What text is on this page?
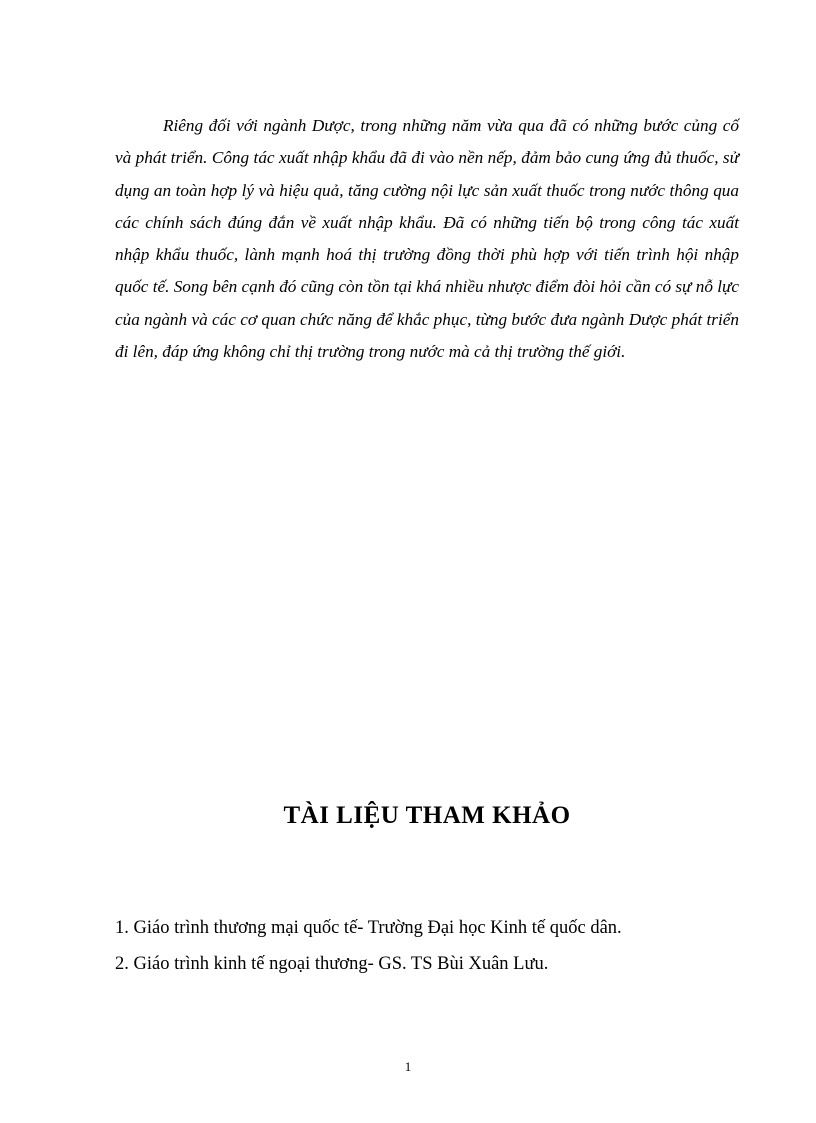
Riêng đối với ngành Dược, trong những năm vừa qua đã có những bước củng cố và phát triển. Công tác xuất nhập khẩu đã đi vào nền nếp, đảm bảo cung ứng đủ thuốc, sử dụng an toàn hợp lý và hiệu quả, tăng cường nội lực sản xuất thuốc trong nước thông qua các chính sách đúng đắn về xuất nhập khẩu. Đã có những tiến bộ trong công tác xuất nhập khẩu thuốc, lành mạnh hoá thị trường đồng thời phù hợp với tiến trình hội nhập quốc tế. Song bên cạnh đó cũng còn tồn tại khá nhiều nhược điểm đòi hỏi cần có sự nỗ lực của ngành và các cơ quan chức năng để khắc phục, từng bước đưa ngành Dược phát triển đi lên, đáp ứng không chỉ thị trường trong nước mà cả thị trường thế giới.

TÀI LIỆU THAM KHẢO
1. Giáo trình thương mại quốc tế- Trường Đại học Kinh tế quốc dân.
2. Giáo trình kinh tế ngoại thương- GS. TS Bùi Xuân Lưu.
1
